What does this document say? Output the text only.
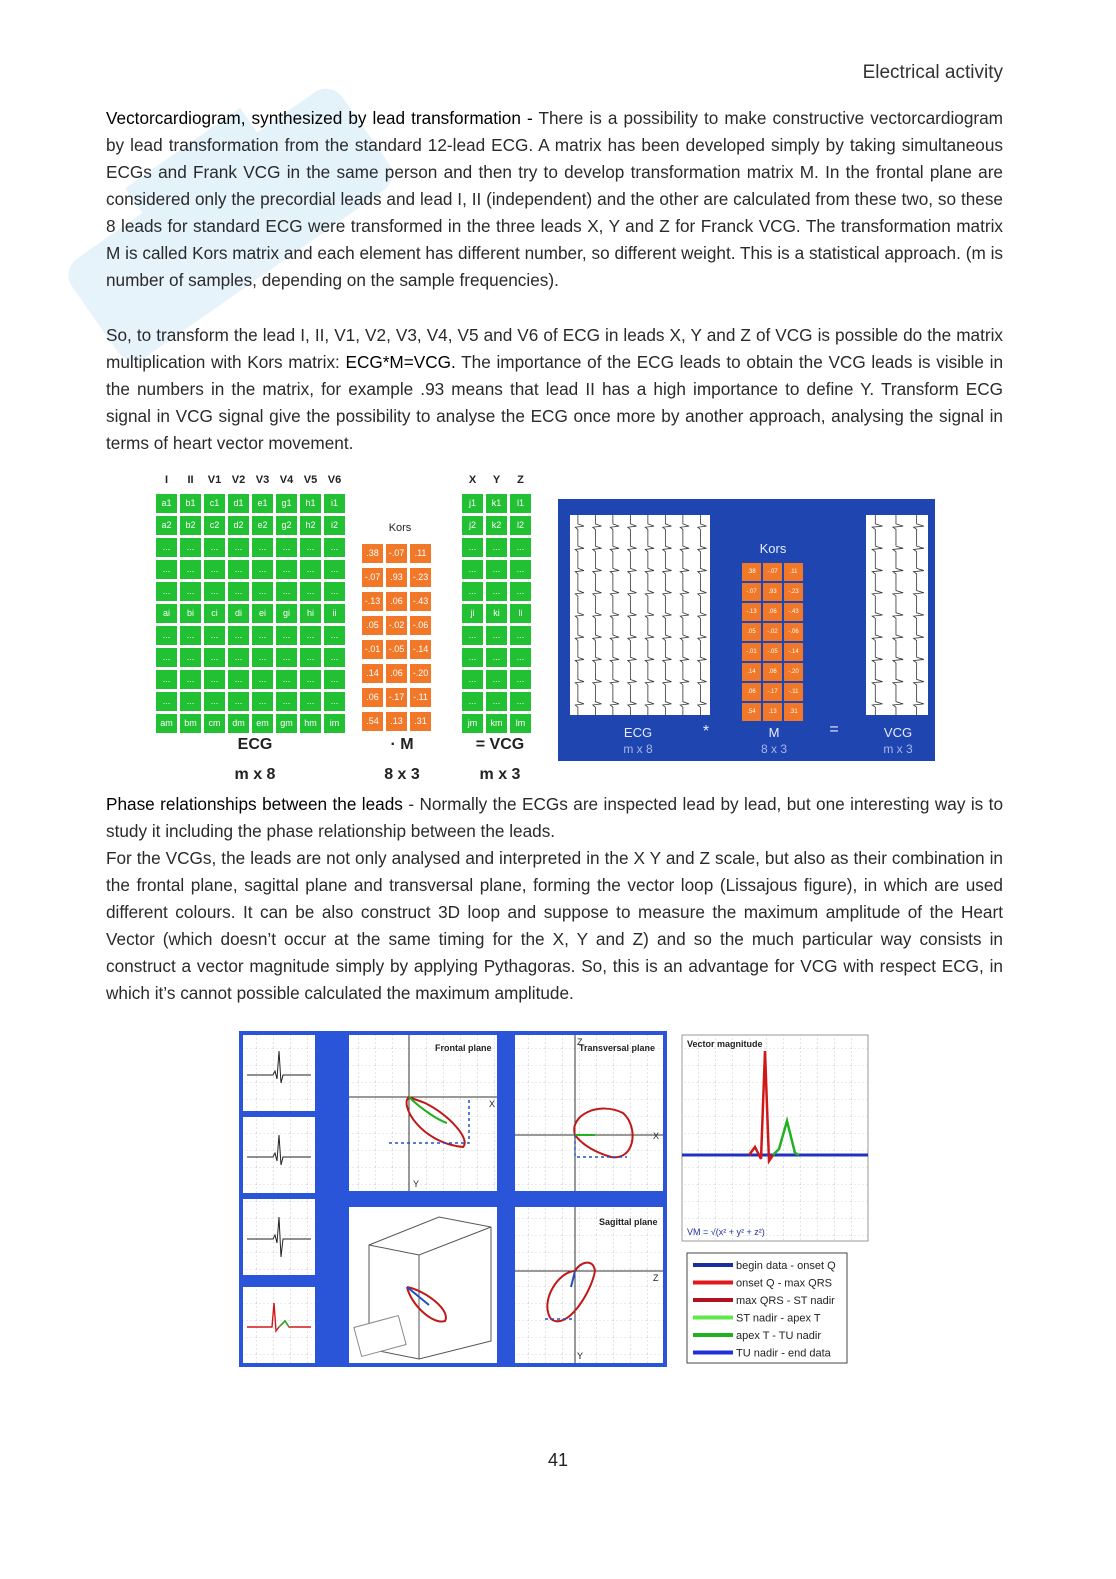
Electrical activity
Vectorcardiogram, synthesized by lead transformation - There is a possibility to make constructive vectorcardiogram by lead transformation from the standard 12-lead ECG. A matrix has been developed simply by taking simultaneous ECGs and Frank VCG in the same person and then try to develop transformation matrix M. In the frontal plane are considered only the precordial leads and lead I, II (independent) and the other are calculated from these two, so these 8 leads for standard ECG were transformed in the three leads X, Y and Z for Franck VCG. The transformation matrix M is called Kors matrix and each element has different number, so different weight. This is a statistical approach. (m is number of samples, depending on the sample frequencies).
So, to transform the lead I, II, V1, V2, V3, V4, V5 and V6 of ECG in leads X, Y and Z of VCG is possible do the matrix multiplication with Kors matrix: ECG*M=VCG. The importance of the ECG leads to obtain the VCG leads is visible in the numbers in the matrix, for example .93 means that lead II has a high importance to define Y. Transform ECG signal in VCG signal give the possibility to analyse the ECG once more by another approach, analysing the signal in terms of heart vector movement.
I	II	V1 V2 V3 V4 V5 V6
a1	b1	c1	d1	e1	g1	h1	i1
a2	b2	c2	d2	e2	g2	h2	i2
...	...	...	...	...	...	...	...
...	...	...	...	...	...	...	...
...	...	...	...	...	...	...	...
ai	bi	ci	di	ei	gi	hi	ii
...	...	...	...	...	...	...	...
...	...	...	...	...	...	...	...
...	...	...	...	...	...	...	...
...	...	...	...	...	...	...	...
am	bm	cm	dm	em	gm	hm	im
Kors
.38	-.07	.11
-.07	.93	-.23
-.13	.06	-.43
.05	-.02 -.06
-.01 -.05 -.14
.14	.06	-.20
.06	-.17 -.11
.54	.13	.31
X	Y	Z
j1	k1	l1
j2	k2	l2
...	...	...
...	...	...
...	...	...
ji	ki	li
...	...	...
...	...	...
...	...	...
...	...	...
jm	km	lm
ECG	· M	= VCG
m x 8	8 x 3	m x 3
Kors
.38	-.07	.11
-.07	.93	-.23
-.13	.06	-.43
.05	-.02	-.06
-.01	-.05	-.14
.14	.06	-.20
.06	-.17	-.11
.54	.13	.31
ECG
m x 8
*	M
8 x 3
=	VCG
m x 3
Phase relationships between the leads - Normally the ECGs are inspected lead by lead, but one interesting way is to study it including the phase relationship between the leads.
For the VCGs, the leads are not only analysed and interpreted in the X Y and Z scale, but also as their combination in the frontal plane, sagittal plane and transversal plane, forming the vector loop (Lissajous figure), in which are used different colours. It can be also construct 3D loop and suppose to measure the maximum amplitude of the Heart Vector (which doesn’t occur at the same timing for the X, Y and Z) and so the much particular way consists in construct a vector magnitude simply by applying Pythagoras. So, this is an advantage for VCG with respect ECG, in which it’s cannot possible calculated the maximum amplitude.
Frontal plane
X
Y
Transversal plane
X
Z
Sagittal plane
Z
Y
Vector magnitude
VM = √(x² + y² + z²)
begin data - onset Q
onset Q - max QRS
max QRS - ST nadir
ST nadir - apex T
apex T - TU nadir
TU nadir - end data
41
